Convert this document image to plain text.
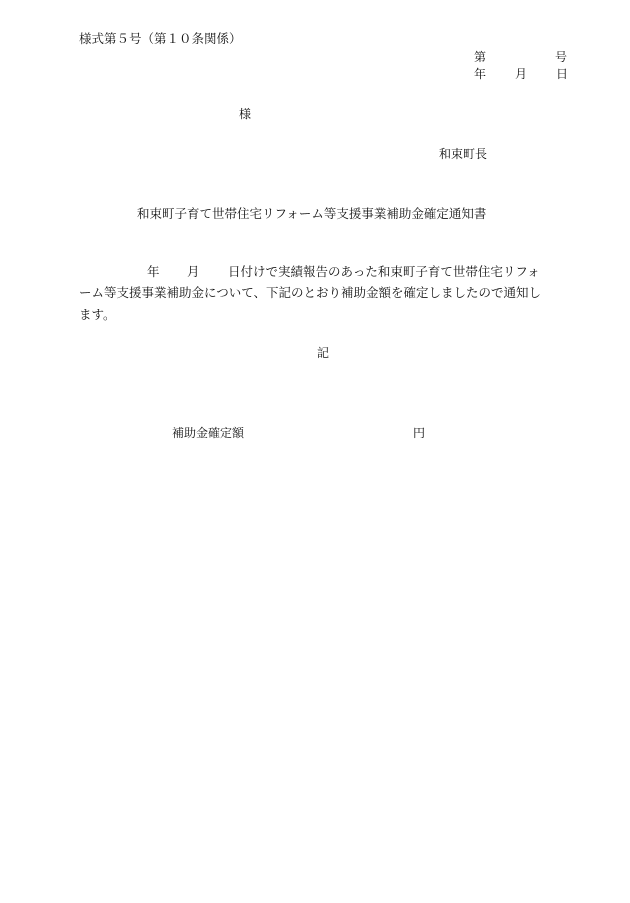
様式第５号（第１０条関係）
第	号
年 月 日
様
和束町長
和束町子育て世帯住宅リフォーム等支援事業補助金確定通知書
年 月 日付けで実績報告のあった和束町子育て世帯住宅リフォ
ーム等支援事業補助金について、下記のとおり補助金額を確定しましたので通知し
ます。
記
補助金確定額	円
